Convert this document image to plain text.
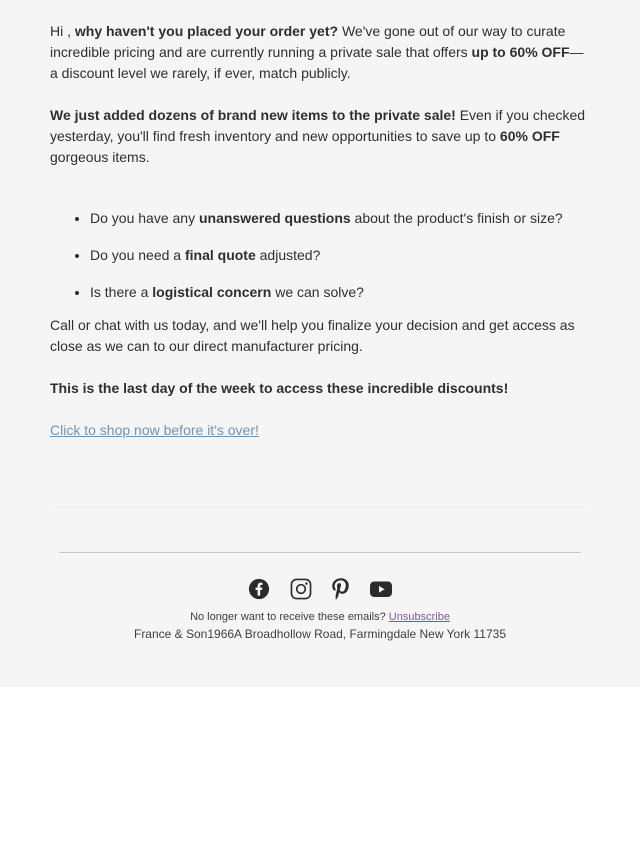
Hi , why haven't you placed your order yet? We've gone out of our way to curate incredible pricing and are currently running a private sale that offers up to 60% OFF—a discount level we rarely, if ever, match publicly.

We just added dozens of brand new items to the private sale! Even if you checked yesterday, you'll find fresh inventory and new opportunities to save up to 60% OFF gorgeous items.

• Do you have any unanswered questions about the product's finish or size?
• Do you need a final quote adjusted?
• Is there a logistical concern we can solve?

Call or chat with us today, and we'll help you finalize your decision and get access as close as we can to our direct manufacturer pricing.

This is the last day of the week to access these incredible discounts!

Click to shop now before it's over!

No longer want to receive these emails? Unsubscribe

France & Son1966A Broadhollow Road, Farmingdale New York 11735
